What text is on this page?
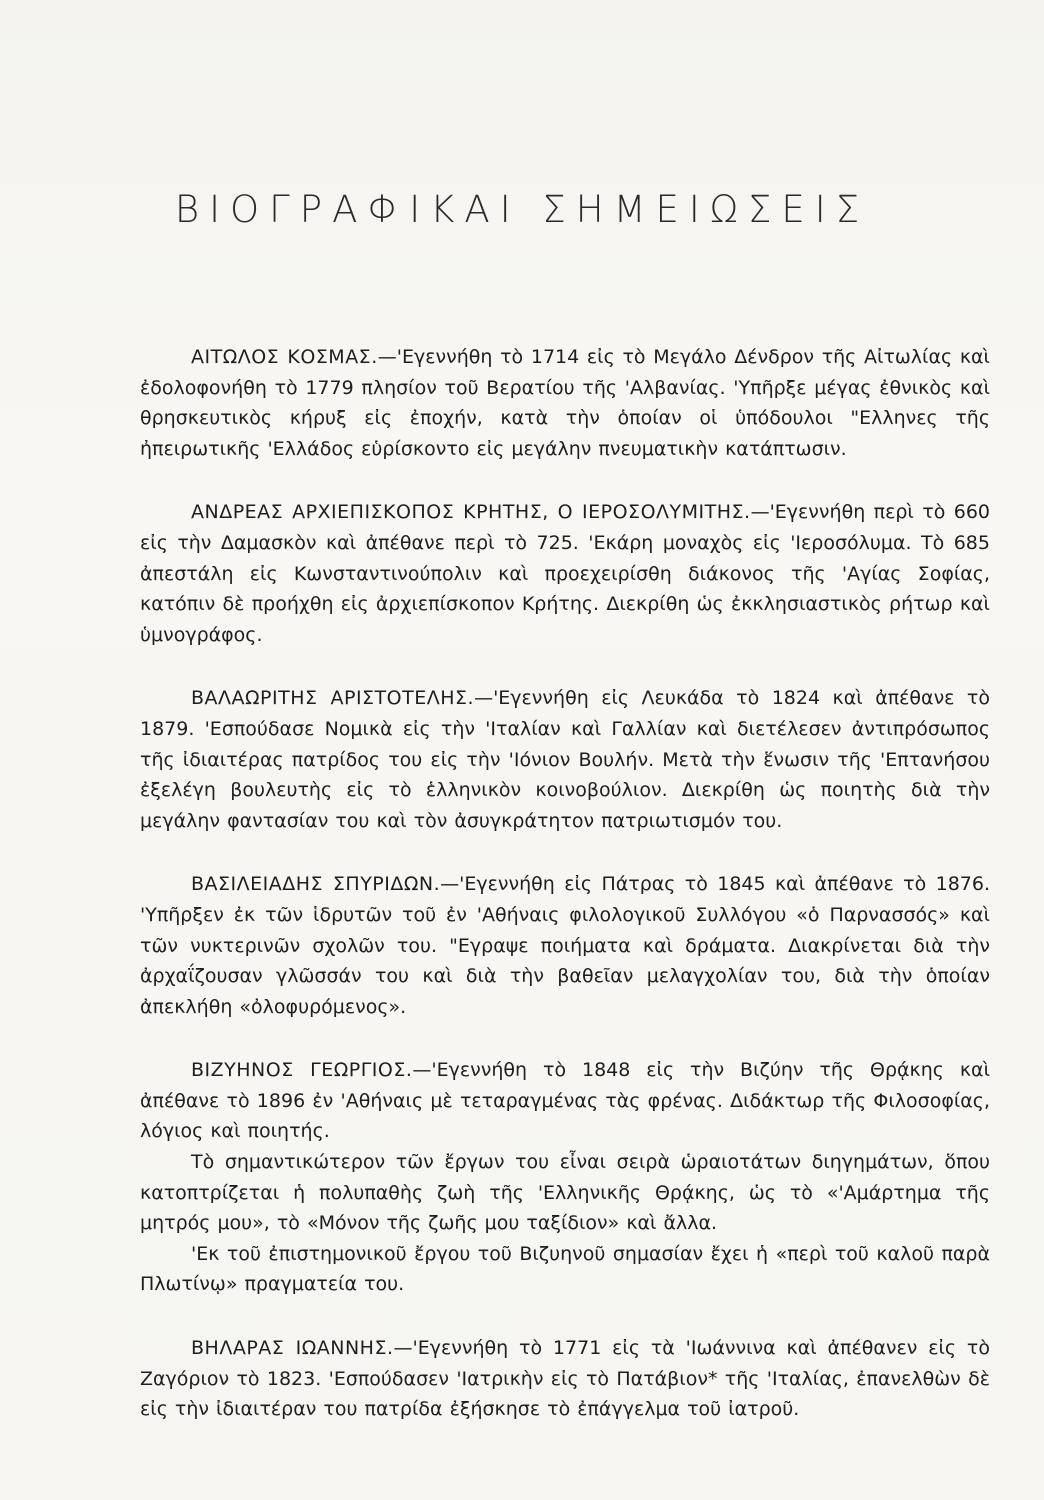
ΒΙΟΓΡΑΦΙΚΑΙ ΣΗΜΕΙΩΣΕΙΣ

ΑΙΤΩΛΟΣ ΚΟΣΜΑΣ.—'Εγεννήθη τὸ 1714 εἰς τὸ Μεγάλο Δένδρον τῆς Αἰτωλίας καὶ ἐδολοφονήθη τὸ 1779 πλησίον τοῦ Βερατίου τῆς 'Αλβανίας. 'Υπῆρξε μέγας ἐθνικὸς καὶ θρησκευτικὸς κήρυξ εἰς ἐποχήν, κατὰ τὴν ὁποίαν οἱ ὑπόδουλοι "Ελληνες τῆς ἠπειρωτικῆς 'Ελλάδος εὑρίσκοντο εἰς μεγάλην πνευματικὴν κατάπτωσιν.

ΑΝΔΡΕΑΣ ΑΡΧΙΕΠΙΣΚΟΠΟΣ ΚΡΗΤΗΣ, Ο ΙΕΡΟΣΟΛΥΜΙΤΗΣ.—'Εγεννήθη περὶ τὸ 660 εἰς τὴν Δαμασκὸν καὶ ἀπέθανε περὶ τὸ 725. 'Εκάρη μοναχὸς εἰς 'Ιεροσόλυμα. Τὸ 685 ἀπεστάλη εἰς Κωνσταντινούπολιν καὶ προεχειρίσθη διάκονος τῆς 'Αγίας Σοφίας, κατόπιν δὲ προήχθη εἰς ἀρχιεπίσκοπον Κρήτης. Διεκρίθη ὡς ἐκκλησιαστικὸς ρήτωρ καὶ ὑμνογράφος.

ΒΑΛΑΩΡΙΤΗΣ ΑΡΙΣΤΟΤΕΛΗΣ.—'Εγεννήθη εἰς Λευκάδα τὸ 1824 καὶ ἀπέθανε τὸ 1879. 'Εσπούδασε Νομικὰ εἰς τὴν 'Ιταλίαν καὶ Γαλλίαν καὶ διετέλεσεν ἀντιπρόσωπος τῆς ἰδιαιτέρας πατρίδος του εἰς τὴν 'Ιόνιον Βουλήν. Μετὰ τὴν ἕνωσιν τῆς 'Επτανήσου ἐξελέγη βουλευτὴς εἰς τὸ ἑλληνικὸν κοινοβούλιον. Διεκρίθη ὡς ποιητὴς διὰ τὴν μεγάλην φαντασίαν του καὶ τὸν ἀσυγκράτητον πατριωτισμόν του.

ΒΑΣΙΛΕΙΑΔΗΣ ΣΠΥΡΙΔΩΝ.—'Εγεννήθη εἰς Πάτρας τὸ 1845 καὶ ἀπέθανε τὸ 1876. 'Υπῆρξεν ἐκ τῶν ἱδρυτῶν τοῦ ἐν 'Αθήναις φιλολογικοῦ Συλλόγου «ὁ Παρνασσός» καὶ τῶν νυκτερινῶν σχολῶν του. "Εγραψε ποιήματα καὶ δράματα. Διακρίνεται διὰ τὴν ἀρχαΐζουσαν γλῶσσάν του καὶ διὰ τὴν βαθεῖαν μελαγχολίαν του, διὰ τὴν ὁποίαν ἀπεκλήθη «ὀλοφυρόμενος».

ΒΙΖΥΗΝΟΣ ΓΕΩΡΓΙΟΣ.—'Εγεννήθη τὸ 1848 εἰς τὴν Βιζύην τῆς Θρᾴκης καὶ ἀπέθανε τὸ 1896 ἐν 'Αθήναις μὲ τεταραγμένας τὰς φρένας. Διδάκτωρ τῆς Φιλοσοφίας, λόγιος καὶ ποιητής.

Τὸ σημαντικώτερον τῶν ἔργων του εἶναι σειρὰ ὡραιοτάτων διηγημάτων, ὅπου κατοπτρίζεται ἡ πολυπαθὴς ζωὴ τῆς 'Ελληνικῆς Θρᾴκης, ὡς τὸ «'Αμάρτημα τῆς μητρός μου», τὸ «Μόνον τῆς ζωῆς μου ταξίδιον» καὶ ἄλλα.

'Εκ τοῦ ἐπιστημονικοῦ ἔργου τοῦ Βιζυηνοῦ σημασίαν ἔχει ἡ «περὶ τοῦ καλοῦ παρὰ Πλωτίνῳ» πραγματεία του.

ΒΗΛΑΡΑΣ ΙΩΑΝΝΗΣ.—'Εγεννήθη τὸ 1771 εἰς τὰ 'Ιωάννινα καὶ ἀπέθανεν εἰς τὸ Ζαγόριον τὸ 1823. 'Εσπούδασεν 'Ιατρικὴν εἰς τὸ Πατάβιον* τῆς 'Ιταλίας, ἐπανελθὼν δὲ εἰς τὴν ἰδιαιτέραν του πατρίδα ἐξήσκησε τὸ ἐπάγγελμα τοῦ ἰατροῦ.
